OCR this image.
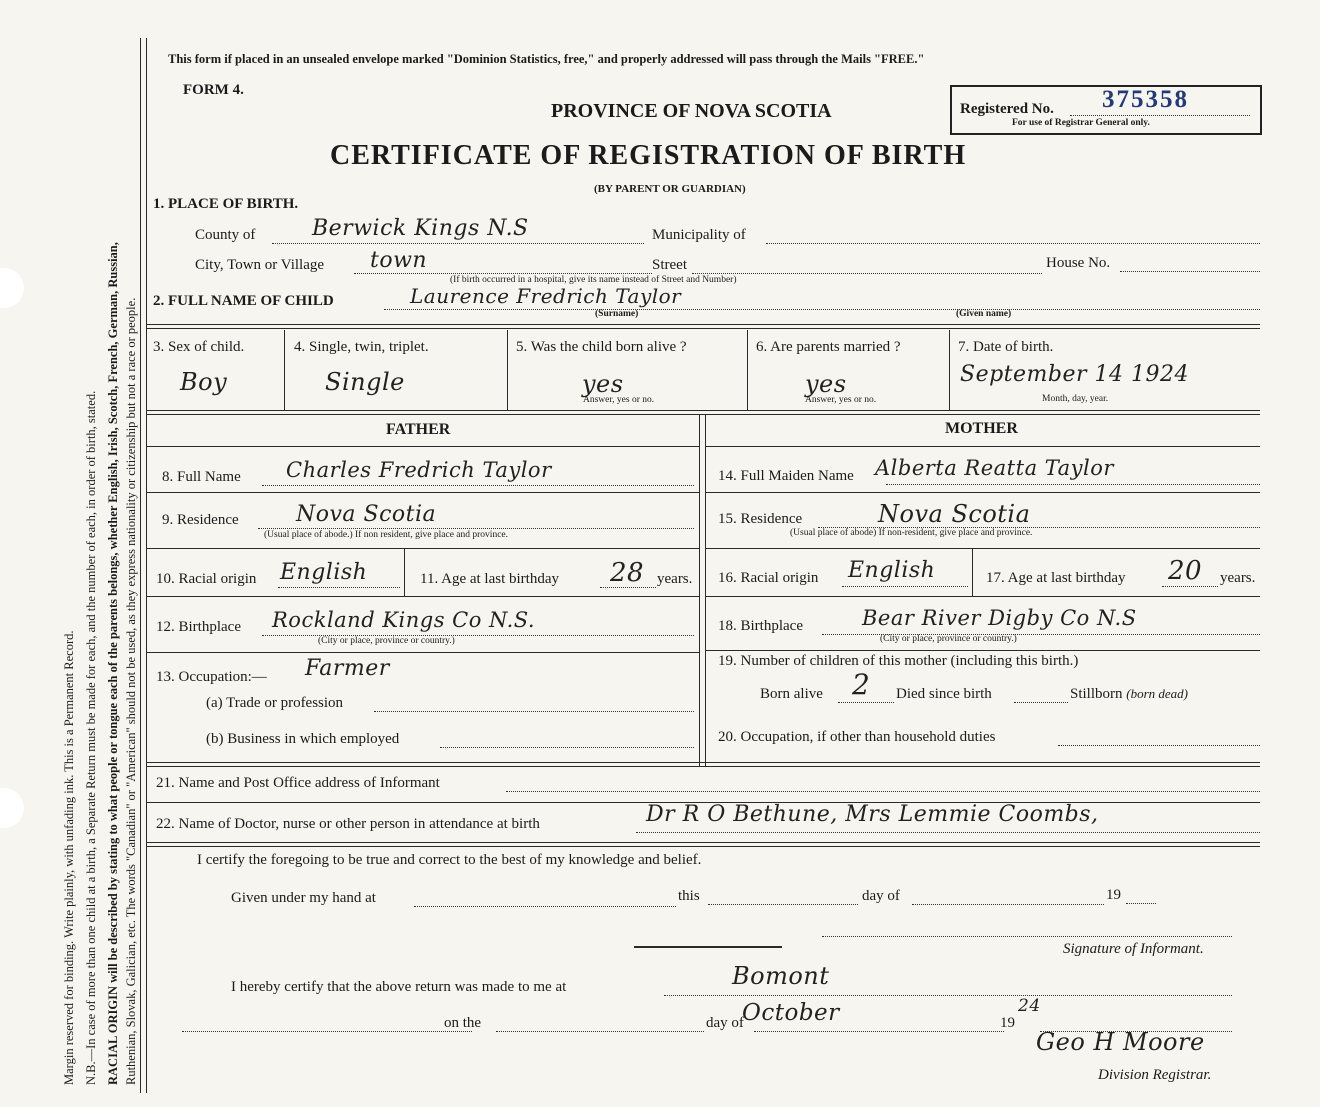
Margin reserved for binding. Write plainly, with unfading ink. This is a Permanent Record. N.B.—In case of more than one child at a birth, a Separate Return must be made for each, and the number of each, in order of birth, stated. RACIAL ORIGIN will be described by stating to what people or tongue each of the parents belongs, whether English, Irish, Scotch, French, German, Russian, Ruthenian, Slovak, Galician, etc. The words "Canadian" or "American" should not be used, as they express nationality or citizenship but not a race or people.
This form if placed in an unsealed envelope marked "Dominion Statistics, free," and properly addressed will pass through the Mails "FREE."
FORM 4.
PROVINCE OF NOVA SCOTIA
CERTIFICATE OF REGISTRATION OF BIRTH
(BY PARENT OR GUARDIAN)
Registered No. 375358
For use of Registrar General only.
1. PLACE OF BIRTH.
County of	Berwick Kings N.S	Municipality of
City, Town or Village town	Street	House No.
(If birth occurred in a hospital, give its name instead of Street and Number)
2. FULL NAME OF CHILD	Laurence Fredrich Taylor
(Surname)	(Given name)
3. Sex of child.
Boy
4. Single, twin, triplet.
Single
5. Was the child born alive ?
yes
Answer, yes or no.
6. Are parents married ?
yes
Answer, yes or no.
7. Date of birth.
September 14 1924
Month, day, year.
FATHER
8. Full Name Charles Fredrich Taylor
9. Residence	Nova Scotia
(Usual place of abode.) If non resident, give place and province.
10. Racial origin English	11. Age at last birthday 28 years.
12. Birthplace Rockland Kings Co N.S.
(City or place, province or country.)
13. Occupation:— Farmer
(a) Trade or profession
(b) Business in which employed
MOTHER
14. Full Maiden Name Alberta Reatta Taylor
15. Residence	Nova Scotia
(Usual place of abode) If non-resident, give place and province.
16. Racial origin English	17. Age at last birthday 20 years.
18. Birthplace	Bear River Digby Co N.S
(City or place, province or country.)
19. Number of children of this mother (including this birth.)
Born alive 2 Died since birth	Stillborn (born dead)
20. Occupation, if other than household duties
21. Name and Post Office address of Informant
22. Name of Doctor, nurse or other person in attendance at birth	Dr R O Bethune, Mrs Lemmie Coombs,
I certify the foregoing to be true and correct to the best of my knowledge and belief.
Given under my hand at	this	day of	19
Signature of Informant.
I hereby certify that the above return was made to me at	Bomont
on the	day of
October	19
24
Geo H Moore
Division Registrar.
